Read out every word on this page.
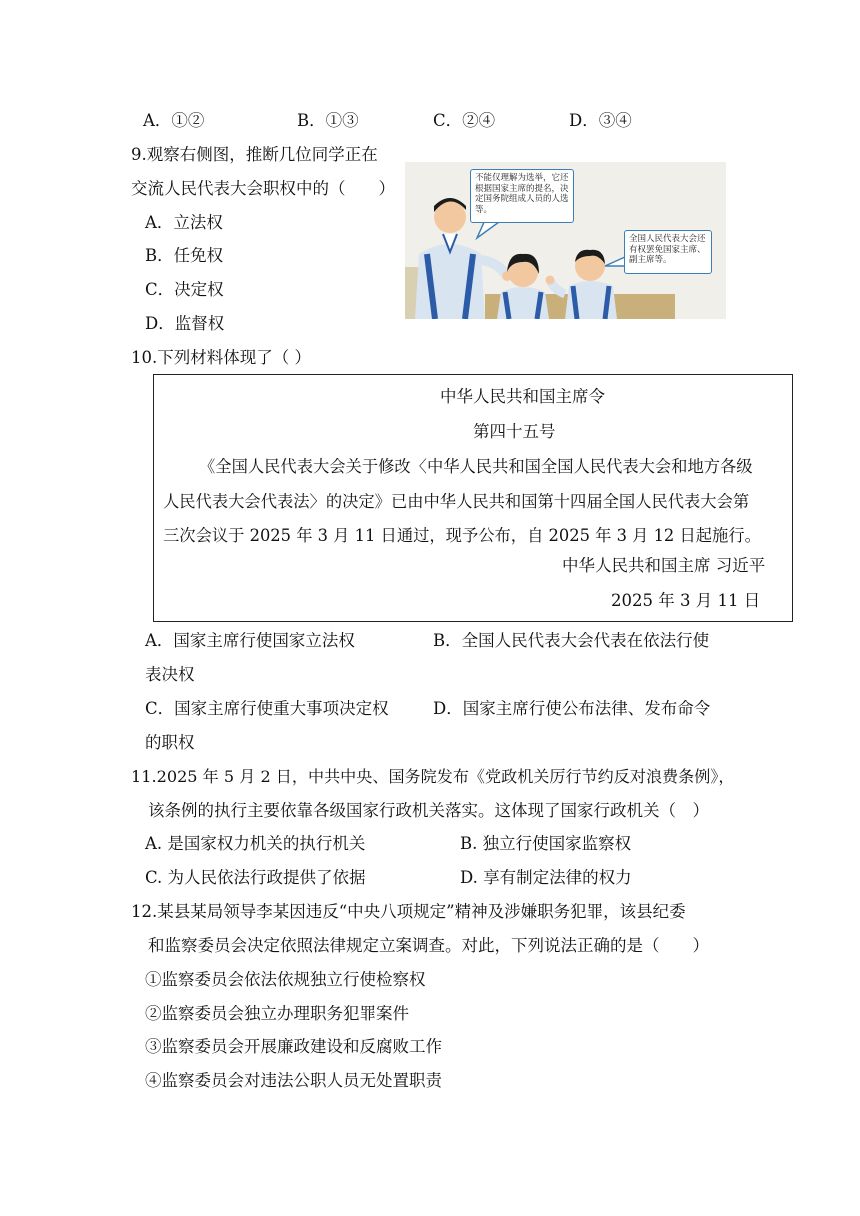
A．①②	B．①③	C．②④	D．③④
9.观察右侧图，推断几位同学正在
交流人民代表大会职权中的（　　）
A．立法权
B．任免权
C．决定权
D．监督权
不能仅理解为选举，它还根据国家主席的提名，决定国务院组成人员的人选等。
全国人民代表大会还有权罢免国家主席、副主席等。
10.下列材料体现了（ ）
中华人民共和国主席令
第四十五号
《全国人民代表大会关于修改〈中华人民共和国全国人民代表大会和地方各级
人民代表大会代表法〉的决定》已由中华人民共和国第十四届全国人民代表大会第
三次会议于 2025 年 3 月 11 日通过，现予公布，自 2025 年 3 月 12 日起施行。
中华人民共和国主席 习近平
2025 年 3 月 11 日
A．国家主席行使国家立法权	B．全国人民代表大会代表在依法行使
表决权
C．国家主席行使重大事项决定权	D．国家主席行使公布法律、发布命令
的职权
11.2025 年 5 月 2 日，中共中央、国务院发布《党政机关厉行节约反对浪费条例》，
该条例的执行主要依靠各级国家行政机关落实。这体现了国家行政机关（　）
A. 是国家权力机关的执行机关	B. 独立行使国家监察权
C. 为人民依法行政提供了依据	D. 享有制定法律的权力
12.某县某局领导李某因违反“中央八项规定”精神及涉嫌职务犯罪，该县纪委
和监察委员会决定依照法律规定立案调查。对此，下列说法正确的是（　　）
①监察委员会依法依规独立行使检察权
②监察委员会独立办理职务犯罪案件
③监察委员会开展廉政建设和反腐败工作
④监察委员会对违法公职人员无处置职责
